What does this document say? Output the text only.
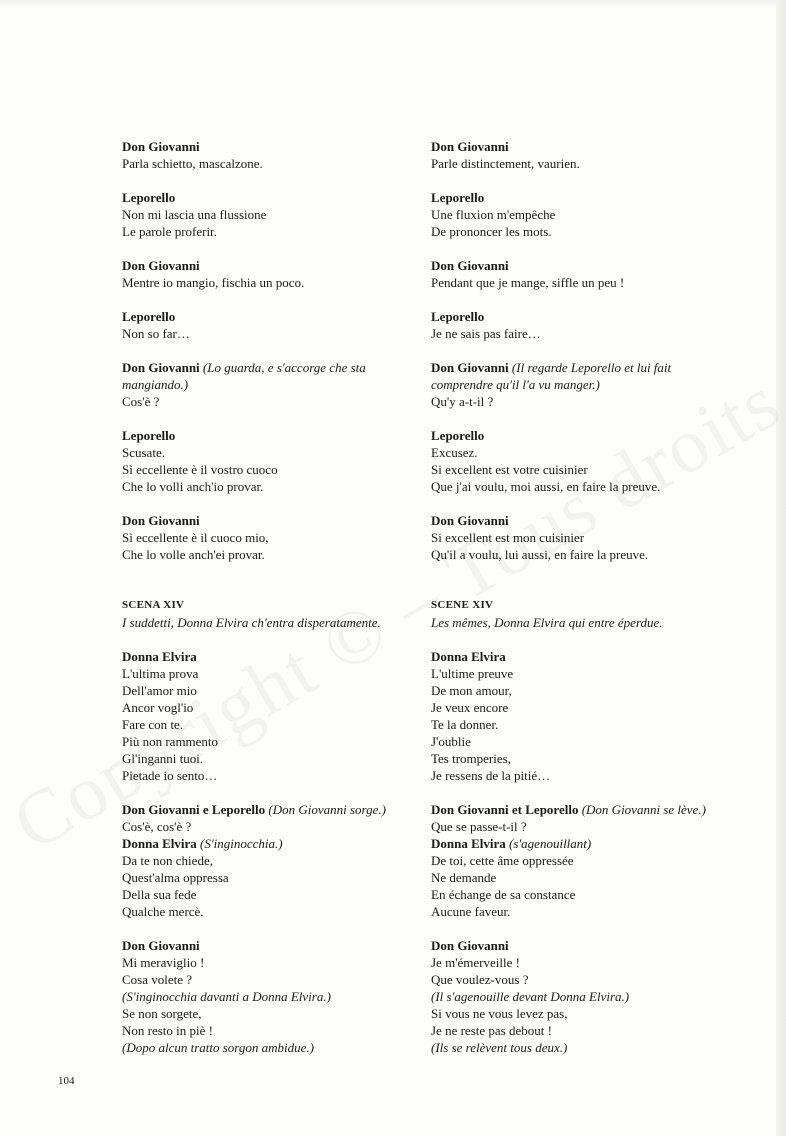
Don Giovanni
Parla schietto, mascalzone.
Leporello
Non mi lascia una flussione
Le parole proferir.
Don Giovanni
Mentre io mangio, fischia un poco.
Leporello
Non so far…
Don Giovanni (Lo guarda, e s'accorge che sta
mangiando.)
Cos'è ?
Leporello
Scusate.
Sì eccellente è il vostro cuoco
Che lo volli anch'io provar.
Don Giovanni
Sì eccellente è il cuoco mio,
Che lo volle anch'ei provar.
SCENA XIV
I suddetti, Donna Elvira ch'entra disperatamente.
Donna Elvira
L'ultima prova
Dell'amor mio
Ancor vogl'io
Fare con te.
Più non rammento
Gl'inganni tuoi.
Pietade io sento…
Don Giovanni e Leporello (Don Giovanni sorge.)
Cos'è, cos'è ?
Donna Elvira (S'inginocchia.)
Da te non chiede,
Quest'alma oppressa
Della sua fede
Qualche mercè.
Don Giovanni
Mi meraviglio !
Cosa volete ?
(S'inginocchia davanti a Donna Elvira.)
Se non sorgete,
Non resto in piè !
(Dopo alcun tratto sorgon ambidue.)
Don Giovanni
Parle distinctement, vaurien.
Leporello
Une fluxion m'empêche
De prononcer les mots.
Don Giovanni
Pendant que je mange, siffle un peu !
Leporello
Je ne sais pas faire…
Don Giovanni (Il regarde Leporello et lui fait
comprendre qu'il l'a vu manger.)
Qu'y a-t-il ?
Leporello
Excusez.
Si excellent est votre cuisinier
Que j'ai voulu, moi aussi, en faire la preuve.
Don Giovanni
Si excellent est mon cuisinier
Qu'il a voulu, lui aussi, en faire la preuve.
SCENE XIV
Les mêmes, Donna Elvira qui entre éperdue.
Donna Elvira
L'ultime preuve
De mon amour,
Je veux encore
Te la donner.
J'oublie
Tes tromperies,
Je ressens de la pitié…
Don Giovanni et Leporello (Don Giovanni se lève.)
Que se passe-t-il ?
Donna Elvira (s'agenouillant)
De toi, cette âme oppressée
Ne demande
En échange de sa constance
Aucune faveur.
Don Giovanni
Je m'émerveille !
Que voulez-vous ?
(Il s'agenouille devant Donna Elvira.)
Si vous ne vous levez pas,
Je ne reste pas debout !
(Ils se relèvent tous deux.)
104
